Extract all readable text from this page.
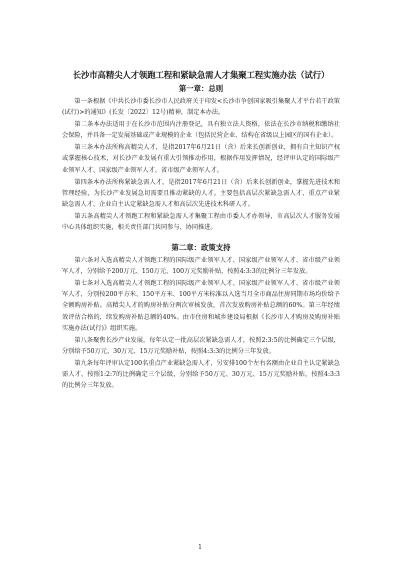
长沙市高精尖人才领跑工程和紧缺急需人才集聚工程实施办法（试行）
第一章：总则

第一条根据《中共长沙市委长沙市人民政府关于印发<长沙市争创国家吸引集聚人才平台若干政策(试行)>的通知》(长发〔2022〕12号)精神，制定本办法。

第二条本办法适用于在长沙市范围内注册登记，具有独立法人资格，依法在长沙市纳税和缴纳社会保险，并具备一定发展基础或产业规模的企业（包括民营企业、结构在省级以上园区的国有企业）。

第三条本办法所称高精尖人才，是指2017年6月21日（含）后来长创新创业，拥有自主知识产权或掌握核心技术，对长沙产业发展有重大引领推动作用，根据作用发挥情况，经评审认定的国际级产业领军人才、国家级产业领军人才、省市级产业领军人才。

第四条本办法所称紧缺急需人才，是指2017年6月21日（含）后来长创新创业，掌握先进技术和管理经验，为长沙产业发展急切需要且推动紧缺的人才。主要包括高层次紧缺急需人才、重点产业紧缺急需人才、企业自主认定紧缺急需人才和高层次先进技术科研人才。

第五条高精尖人才领跑工程和紧缺急需人才集聚工程由市委人才办领导，市高层次人才服务发展中心具体组织实施，相关责任部门共同参与、协同推进。

第二章：政策支持

第六条对入选高精尖人才领跑工程的国际级产业领军人才、国家级产业领军人才、省市级产业领军人才，分别给予200万元、150万元、100万元奖励补贴，按照4:3:3的比例分三年发放。

第七条对入选高精尖人才领跑工程的国际级产业领军人才、国家级产业领军人才、省市级产业领军人才，分别按200平方米、150平方米、100平方米标准以入选当月全市商品住房同期市场均价给予全额购房补贴。高精尖人才的购房补贴分两次审核发放，首次发放购房补贴总额的60%。第三年经绩效评估合格的，续发购房补贴总额的40%。由市住房和城乡建设局根据《长沙市人才购房及购房补贴实施办法(试行)》组织实施。

第八条聚焦长沙产业发展，每年认定一批高层次紧缺急需人才，按照2:3:5的比例确定三个层级，分别给予50万元、30万元、15万元奖励补贴，按照4:3:3的比例分三年发放。

第九条每年评审认定100名重点产业紧缺急需人才，另安排100个左右名额由企业自主认定紧缺急需人才，按照1:2:7的比例确定三个层级，分别给予50万元、30万元、15万元奖励补贴，按照4:3:3的比例分三年发放。

1
